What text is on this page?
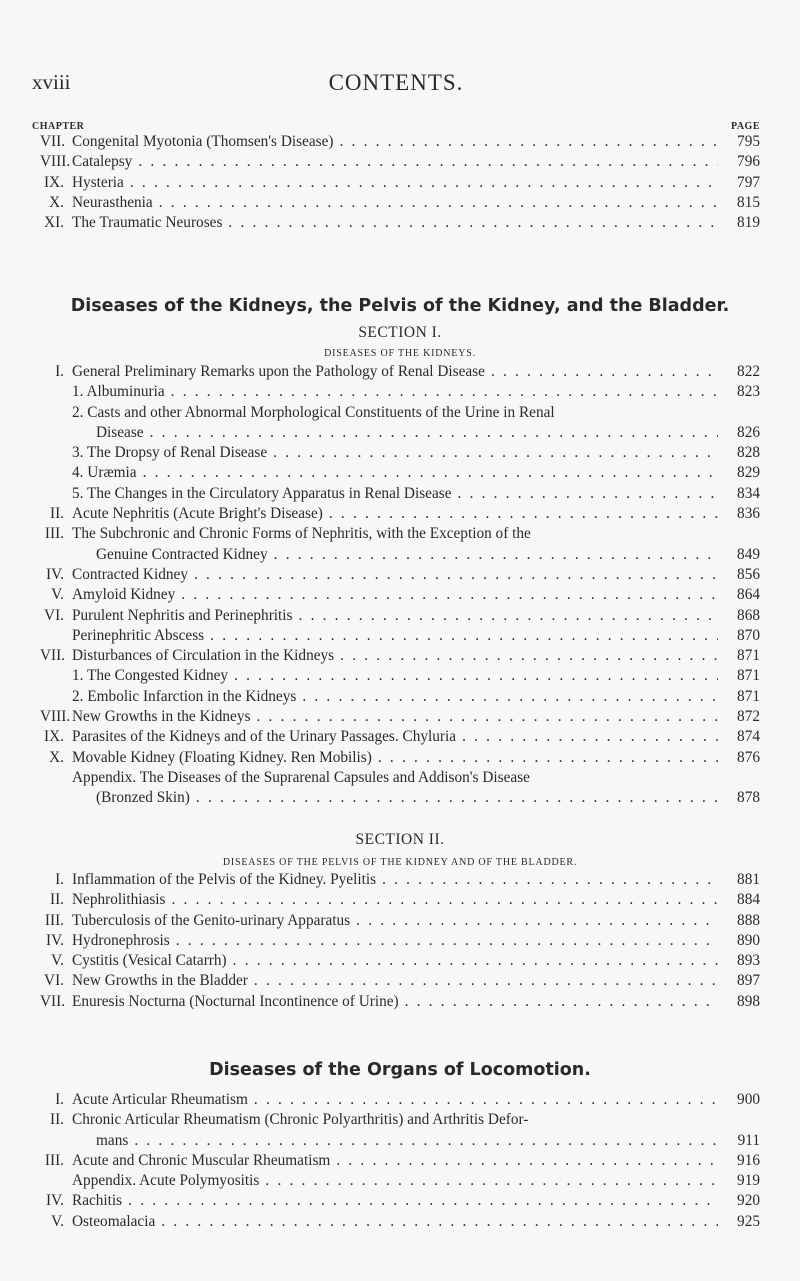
xviii	CONTENTS.
CHAPTER	PAGE
VII. Congenital Myotonia (Thomsen's Disease) . . .	795
VIII. Catalepsy . . .	796
IX. Hysteria . . .	797
X. Neurasthenia . . .	815
XI. The Traumatic Neuroses . . .	819
Diseases of the Kidneys, the Pelvis of the Kidney, and the Bladder.
SECTION I.
DISEASES OF THE KIDNEYS.
I. General Preliminary Remarks upon the Pathology of Renal Disease . . .	822
1. Albuminuria . . .	823
2. Casts and other Abnormal Morphological Constituents of the Urine in Renal
Disease . . .	826
3. The Dropsy of Renal Disease . . .	828
4. Uræmia . . .	829
5. The Changes in the Circulatory Apparatus in Renal Disease . . .	834
II. Acute Nephritis (Acute Bright's Disease) . . .	836
III. The Subchronic and Chronic Forms of Nephritis, with the Exception of the
Genuine Contracted Kidney . . .	849
IV. Contracted Kidney . . .	856
V. Amyloid Kidney . . .	864
VI. Purulent Nephritis and Perinephritis . . .	868
Perinephritic Abscess . . .	870
VII. Disturbances of Circulation in the Kidneys . . .	871
1. The Congested Kidney . . .	871
2. Embolic Infarction in the Kidneys . . .	871
VIII. New Growths in the Kidneys . . .	872
IX. Parasites of the Kidneys and of the Urinary Passages. Chyluria . . .	874
X. Movable Kidney (Floating Kidney. Ren Mobilis) . . .	876
Appendix. The Diseases of the Suprarenal Capsules and Addison's Disease
(Bronzed Skin) . . .	878
SECTION II.
DISEASES OF THE PELVIS OF THE KIDNEY AND OF THE BLADDER.
I. Inflammation of the Pelvis of the Kidney. Pyelitis . . .	881
II. Nephrolithiasis . . .	884
III. Tuberculosis of the Genito-urinary Apparatus . . .	888
IV. Hydronephrosis . . .	890
V. Cystitis (Vesical Catarrh) . . .	893
VI. New Growths in the Bladder . . .	897
VII. Enuresis Nocturna (Nocturnal Incontinence of Urine) . . .	898
Diseases of the Organs of Locomotion.
I. Acute Articular Rheumatism . . .	900
II. Chronic Articular Rheumatism (Chronic Polyarthritis) and Arthritis Defor-
mans . . .	911
III. Acute and Chronic Muscular Rheumatism . . .	916
Appendix. Acute Polymyositis . . .	919
IV. Rachitis . . .	920
V. Osteomalacia . . .	925
